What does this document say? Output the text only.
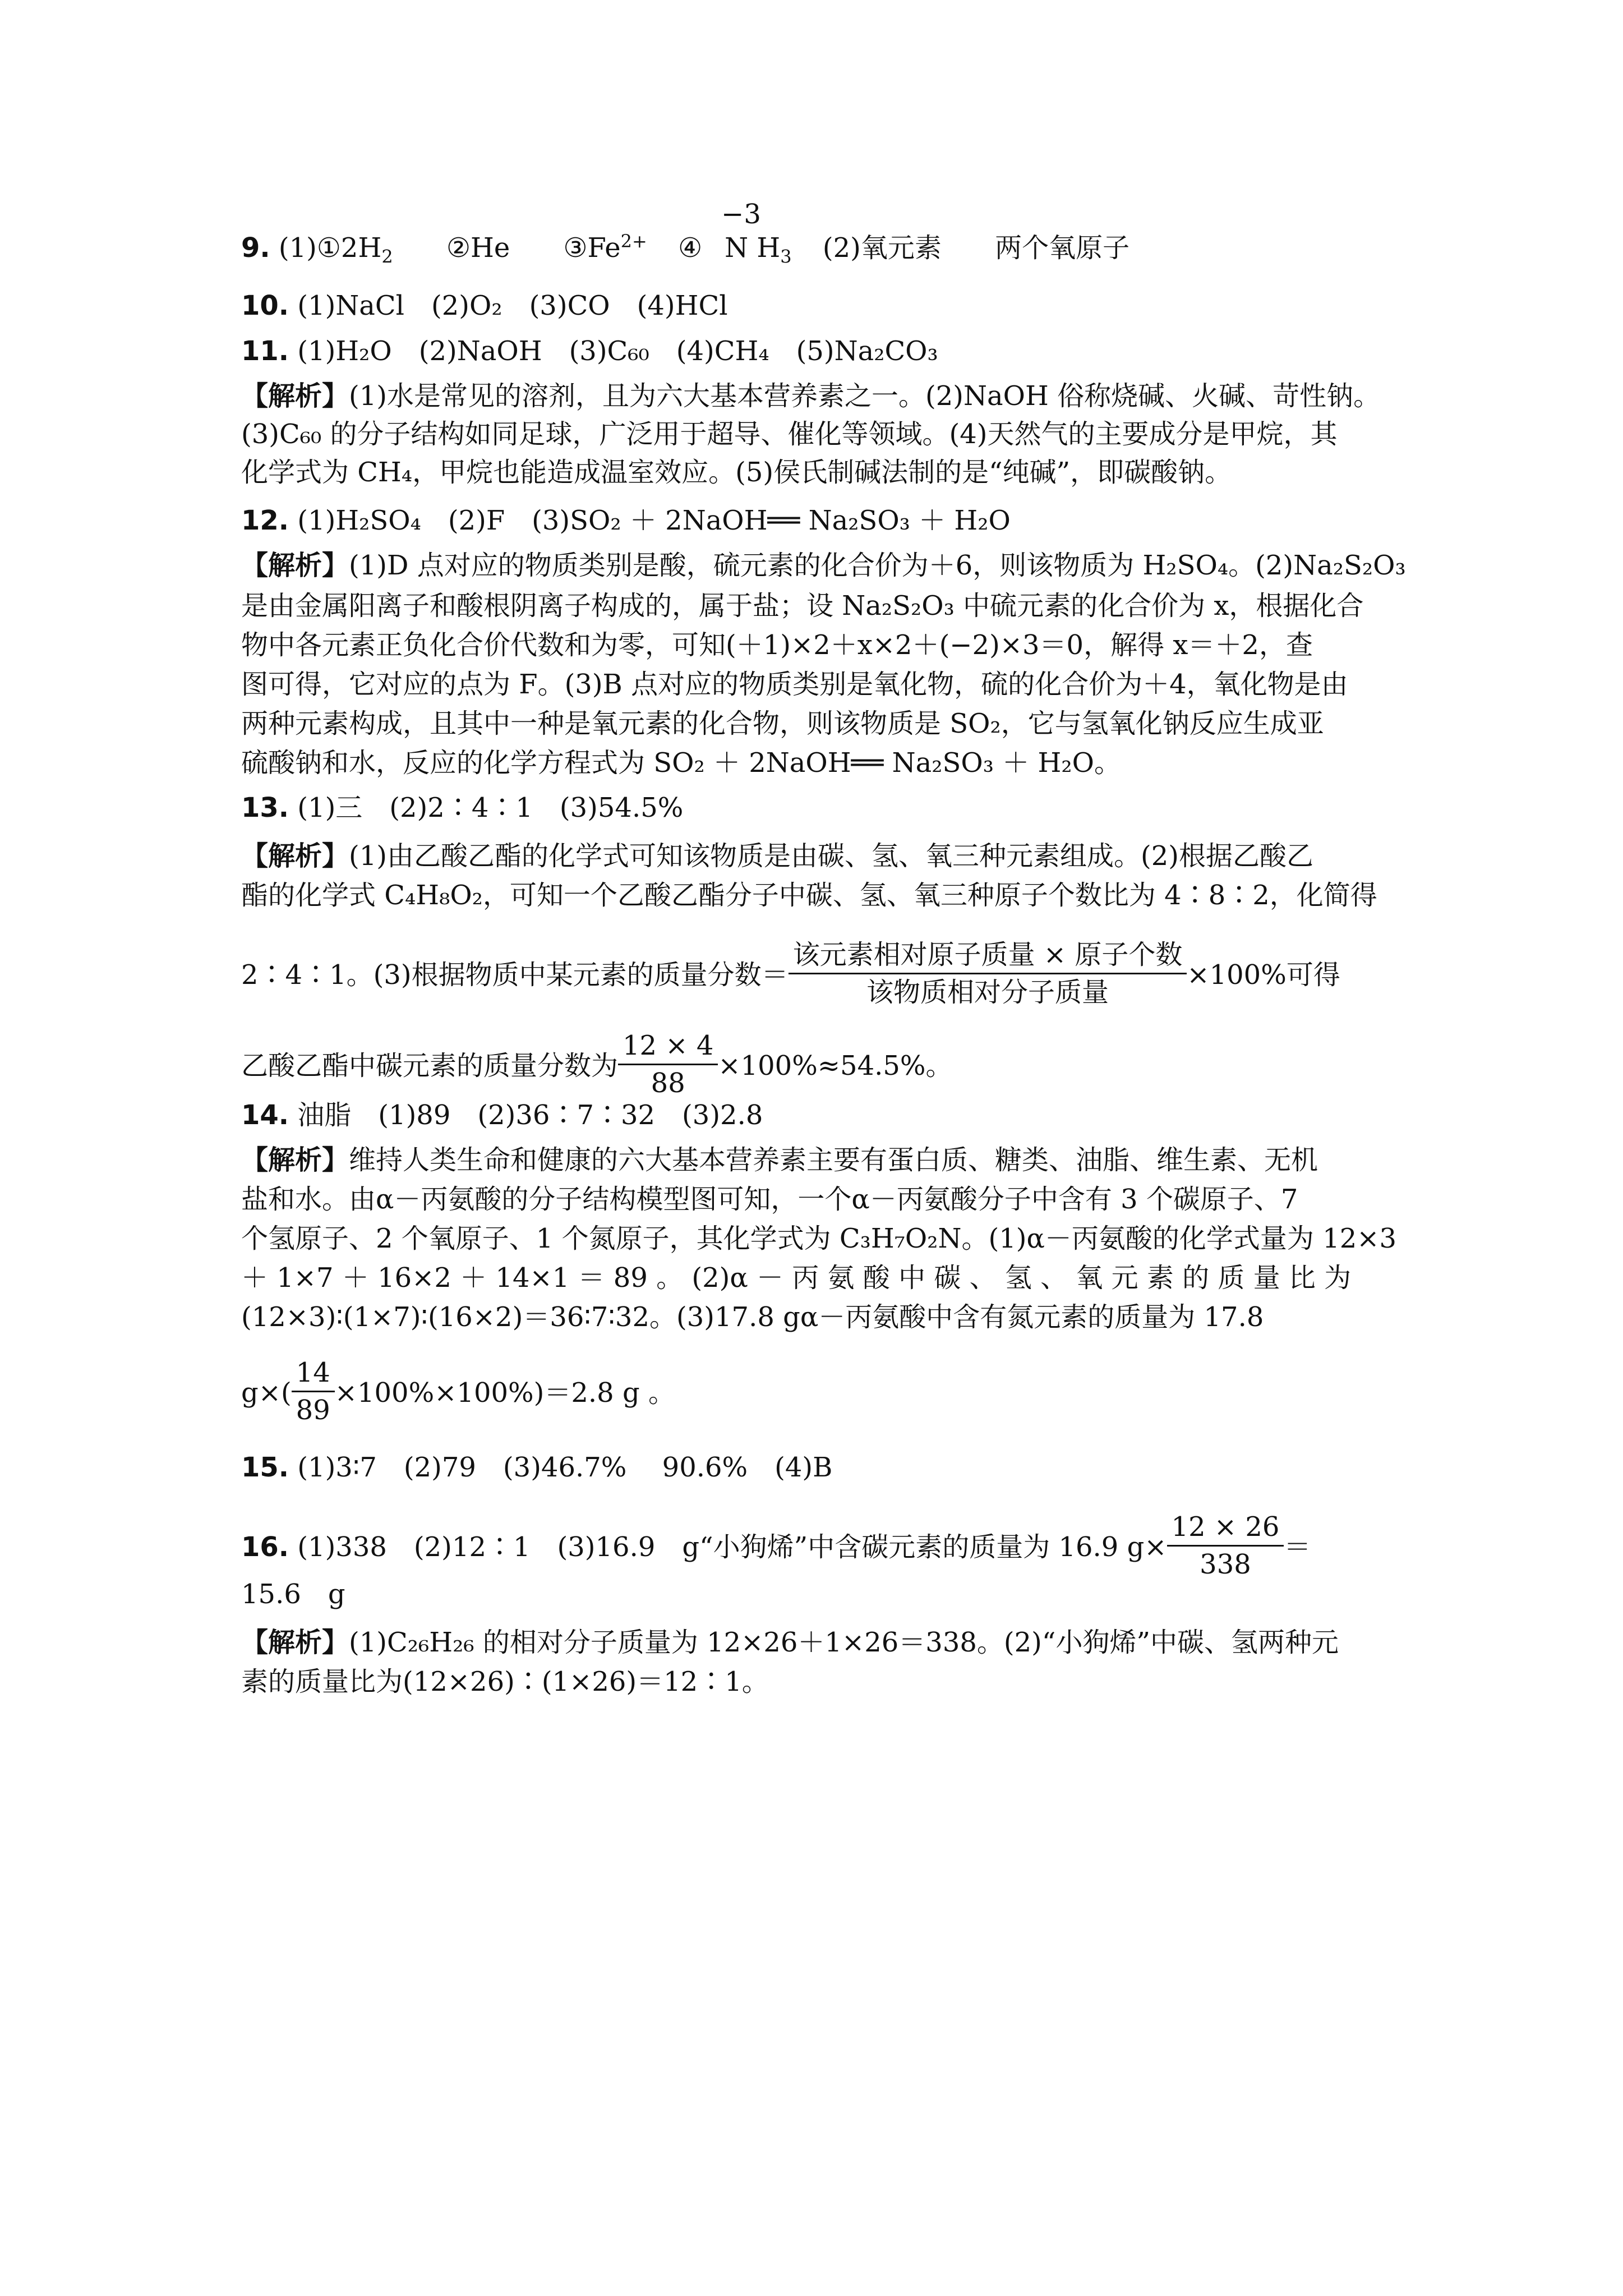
9. $(1)①2H_2$ ②He $③Fe^{2+}$ ④
−3
N $H_3$ (2)氧元素 两个氧原子
10. (1)NaCl　(2)O₂　(3)CO　(4)HCl
11. (1)H₂O　(2)NaOH　(3)C₆₀　(4)CH₄　(5)Na₂CO₃
【解析】(1)水是常见的溶剂，且为六大基本营养素之一。(2)NaOH 俗称烧碱、火碱、苛性钠。
(3)C₆₀ 的分子结构如同足球，广泛用于超导、催化等领域。(4)天然气的主要成分是甲烷，其
化学式为 CH₄，甲烷也能造成温室效应。(5)侯氏制碱法制的是“纯碱”，即碳酸钠。
12. (1)H₂SO₄　(2)F　(3)SO₂ ＋ 2NaOH══ Na₂SO₃ ＋ H₂O
【解析】(1)D 点对应的物质类别是酸，硫元素的化合价为＋6，则该物质为 H₂SO₄。(2)Na₂S₂O₃
是由金属阳离子和酸根阴离子构成的，属于盐；设 Na₂S₂O₃ 中硫元素的化合价为 x，根据化合
物中各元素正负化合价代数和为零，可知(＋1)×2＋x×2＋(−2)×3＝0，解得 x＝＋2，查
图可得，它对应的点为 F。(3)B 点对应的物质类别是氧化物，硫的化合价为＋4，氧化物是由
两种元素构成，且其中一种是氧元素的化合物，则该物质是 SO₂，它与氢氧化钠反应生成亚
硫酸钠和水，反应的化学方程式为 SO₂ ＋ 2NaOH══ Na₂SO₃ ＋ H₂O。
13. (1)三　(2)2∶4∶1　(3)54.5%
【解析】(1)由乙酸乙酯的化学式可知该物质是由碳、氢、氧三种元素组成。(2)根据乙酸乙
酯的化学式 C₄H₈O₂，可知一个乙酸乙酯分子中碳、氢、氧三种原子个数比为 4∶8∶2，化简得
2∶4∶1。(3)根据物质中某元素的质量分数＝ $\frac{\text{该元素相对原子质量 × 原子个数}}{\text{该物质相对分子质量}} \times 100\%$可得
乙酸乙酯中碳元素的质量分数为 $\frac{12 \times 4}{88} \times 100\%\approx 54.5\%$。
14. 油脂　(1)89　(2)36∶7∶32　(3)2.8
【解析】维持人类生命和健康的六大基本营养素主要有蛋白质、糖类、油脂、维生素、无机
盐和水。由α－丙氨酸的分子结构模型图可知，一个α－丙氨酸分子中含有 3 个碳原子、7
个氢原子、2 个氧原子、1 个氮原子，其化学式为 C₃H₇O₂N。(1)α－丙氨酸的化学式量为 12×3
＋ 1×7 ＋ 16×2 ＋ 14×1 ＝ 89 。 (2)α － 丙 氨 酸 中 碳 、 氢 、 氧 元 素 的 质 量 比 为
(12×3)∶(1×7)∶(16×2)＝36∶7∶32。(3)17.8 gα－丙氨酸中含有氮元素的质量为 17.8
$g\times( \frac{14}{89} \times 100\%\times 100\%)=2.8$ g 。
15. (1)3∶7　(2)79　(3)46.7%　 90.6%　(4)B
16. (1)338　(2)12∶1　(3)16.9　g“小狗烯”中含碳元素的质量为 16.9 $g\times \frac{12 \times 26}{338}$ ＝
15.6　g
【解析】(1)C₂₆H₂₆ 的相对分子质量为 12×26＋1×26＝338。(2)“小狗烯”中碳、氢两种元
素的质量比为(12×26)∶(1×26)＝12∶1。
